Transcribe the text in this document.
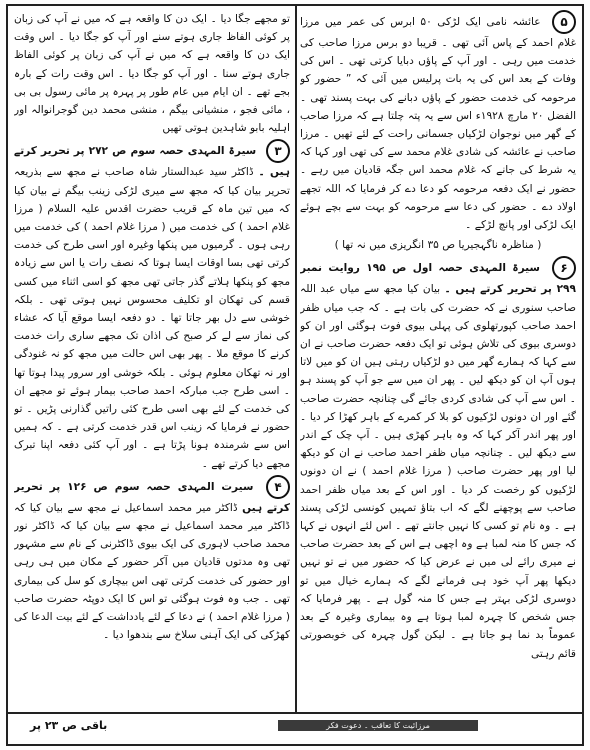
۵ عائشہ نامی ایک لڑکی ۵۰ ابرس کی عمر میں مرزا غلام احمد کے پاس آئی تھی ۔ قریبا دو برس مرزا صاحب کی خدمت میں رہی ۔ اور آپ کے پاؤں دبایا کرتی تھی ۔ اس کی وفات کے بعد اس کی یہ بات پرلیس میں آئی کہ ” حضور کو مرحومہ کی خدمت حضور کے پاؤں دبانے کی بہت پسند تھی ۔ الفضل ۲۰ مارچ ۱۹۲۸ء اس سے یہ پتہ چلتا ہے کہ مرزا صاحب کے گھر میں نوجوان لڑکیاں جسمانی راحت کے لئے تھیں ۔ مرزا صاحب نے عائشہ کی شادی غلام محمد سے کی تھی اور کہا کہ یہ شرط کی جانے کہ غلام محمد اس جگہ قادیان میں رہے ۔ حضور نے ایک دفعہ مرحومہ کو دعا دے کر فرمایا کہ اللہ تجھے اولاد دے ۔ حضور کی دعا سے مرحومہ کو بہت سے بچے ہوئے ایک لڑکی اور پانچ لڑکے ۔

( مناظرہ ناگہجیریا ص ۳۵ انگریزی میں نہ تھا )

۶ سیرۃ المہدی حصہ اول ص ۱۹۵ روایت نمبر ۲۹۹ پر تحریر کرتے ہیں ۔ بیان کیا مجھ سے میاں عبد اللہ صاحب سنوری نے کہ حضرت کی بات ہے ۔ کہ جب میاں ظفر احمد صاحب کپورتھلوی کی پہلی بیوی فوت ہوگئی اور ان کو دوسری بیوی کی تلاش ہوئی تو ایک دفعہ حضرت صاحب نے ان سے کہا کہ ہمارے گھر میں دو لڑکیاں رہتی ہیں ان کو میں لاتا ہوں آپ ان کو دیکھ لیں ۔ پھر ان میں سے جو آپ کو پسند ہو ۔ اس سے آپ کی شادی کردی جائے گی چنانچہ حضرت صاحب گئے اور ان دونوں لڑکیوں کو بلا کر کمرے کے باہر کھڑا کر دیا ۔ اور پھر اندر آکر کہا کہ وہ باہر کھڑی ہیں ۔ آپ چک کے اندر سے دیکھ لیں ۔ چنانچہ میاں ظفر احمد صاحب نے ان کو دیکھ لیا اور پھر حضرت صاحب ( مرزا غلام احمد ) نے ان دونوں لڑکیوں کو رخصت کر دیا ۔ اور اس کے بعد میاں ظفر احمد صاحب سے پوچھنے لگے کہ اب بتاؤ تمہیں کونسی لڑکی پسند ہے ۔ وہ نام تو کسی کا نہیں جانتے تھے ۔ اس لئے انہوں نے کہا کہ جس کا منہ لمبا ہے وہ اچھی ہے اس کے بعد حضرت صاحب نے میری رائے لی میں نے عرض کیا کہ حضور میں نے تو نہیں دیکھا پھر آپ خود ہی فرمانے لگے کہ ہمارے خیال میں تو دوسری لڑکی بہتر ہے جس کا منہ گول ہے ۔ پھر فرمایا کہ جس شخص کا چہرہ لمبا ہوتا ہے وہ بیماری وغیرہ کے بعد عموماً بد نما ہو جاتا ہے ۔ لیکن گول چہرہ کی خوبصورتی قائم رہتی

تو مجھے جگا دیا ۔ ایک دن کا واقعہ ہے کہ میں نے آپ کی زبان پر کوئی الفاظ جاری ہوتے سنے اور آپ کو جگا دیا ۔ اس وقت ایک دن کا واقعہ ہے کہ میں نے آپ کی زبان پر کوئی الفاظ جاری ہوتے سنا ۔ اور آپ کو جگا دیا ۔ اس وقت رات کے بارہ بجے تھے ۔ ان ایام میں عام طور پر پہرہ پر مائی رسول بی بی ، مائی فجو ، منشیانی بیگم ، منشی محمد دین گوجرانوالہ اور اہلیہ بابو شاہدین ہوتی تھیں

۳ سیرۃ المہدی حصہ سوم ص ۲۷۲ پر تحریر کرتے ہیں ۔ ڈاکٹر سید عبدالستار شاہ صاحب نے مجھ سے بذریعہ تحریر بیان کیا کہ مجھ سے میری لڑکی زینب بیگم نے بیان کیا کہ میں تین ماہ کے قریب حضرت اقدس علیہ السلام ( مرزا غلام احمد ) کی خدمت میں ( مرزا غلام احمد ) کی خدمت میں رہی ہوں ۔ گرمیوں میں پنکھا وغیرہ اور اسی طرح کی خدمت کرتی تھی بسا اوقات ایسا ہوتا کہ نصف رات یا اس سے زیادہ مجھ کو پنکھا ہلاتے گذر جاتی تھی مجھ کو اسی اثناء میں کسی قسم کی تھکان او تکلیف محسوس نہیں ہوتی تھی ۔ بلکہ خوشی سے دل بھر جاتا تھا ۔ دو دفعہ ایسا موقع آیا کہ عشاء کی نماز سے لے کر صبح کی اذان تک مجھے ساری رات خدمت کرنے کا موقع ملا ۔ پھر بھی اس حالت میں مجھ کو نہ غنودگی اور نہ تھکان معلوم ہوئی ۔ بلکہ خوشی اور سرور پیدا ہوتا تھا ۔ اسی طرح جب مبارکہ احمد صاحب بیمار ہوئے تو مجھے ان کی خدمت کے لئے بھی اسی طرح کئی راتیں گذارنی پڑیں ۔ تو حضور نے فرمایا کہ زینب اس قدر خدمت کرتی ہے ۔ کہ ہمیں اس سے شرمندہ ہونا پڑتا ہے ۔ اور آپ کئی دفعہ اپنا تبرک مجھے دیا کرتے تھے ۔

۴ سیرت المہدی حصہ سوم ص ۱۲۶ پر تحریر کرتے ہیں ڈاکٹر میر محمد اسماعیل نے مجھ سے بیان کیا کہ ڈاکٹر میر محمد اسماعیل نے مجھ سے بیان کیا کہ ڈاکٹر نور محمد صاحب لاہوری کی ایک بیوی ڈاکٹرنی کے نام سے مشہور تھی وہ مدتوں قادیان میں آکر حضور کے مکان میں ہی رہی اور حضور کی خدمت کرتی تھی اس بیچاری کو سل کی بیماری تھی ۔ جب وہ فوت ہوگئی تو اس کا ایک دوپٹہ حضرت صاحب ( مرزا غلام احمد ) نے دعا کے لئے یادداشت کے لئے بیت الدعا کی کھڑکی کی ایک آہنی سلاخ سے بندھوا دیا ۔

باقی ص ۲۳ پر	مرزائیت کا تعاقب ۔ دعوت فکر
